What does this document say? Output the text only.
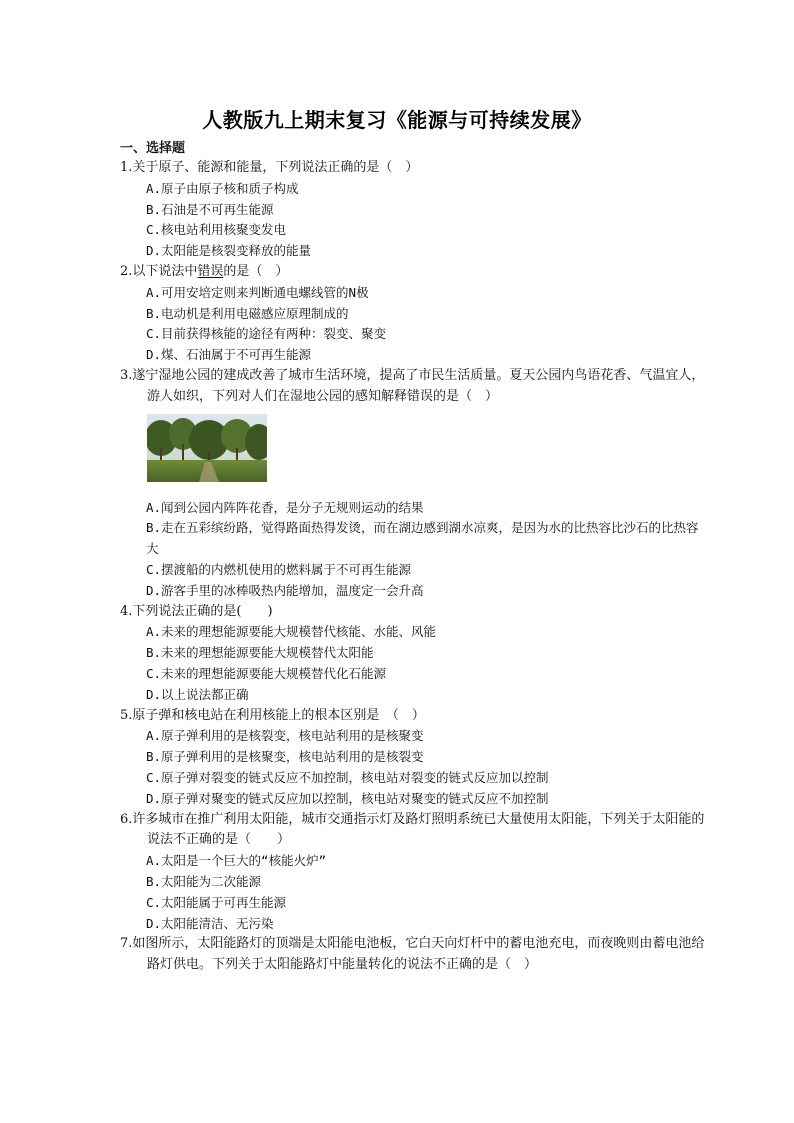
人教版九上期末复习《能源与可持续发展》
一、选择题
1.关于原子、能源和能量，下列说法正确的是（　）
A.原子由原子核和质子构成
B.石油是不可再生能源
C.核电站利用核聚变发电
D.太阳能是核裂变释放的能量
2.以下说法中错误的是（　）
A.可用安培定则来判断通电螺线管的N极
B.电动机是利用电磁感应原理制成的
C.目前获得核能的途径有两种：裂变、聚变
D.煤、石油属于不可再生能源
3.遂宁湿地公园的建成改善了城市生活环境，提高了市民生活质量。夏天公园内鸟语花香、气温宜人，游人如织，下列对人们在湿地公园的感知解释错误的是（　）
A.闻到公园内阵阵花香，是分子无规则运动的结果
B.走在五彩缤纷路，觉得路面热得发烫，而在湖边感到湖水凉爽，是因为水的比热容比沙石的比热容大
C.摆渡船的内燃机使用的燃料属于不可再生能源
D.游客手里的冰棒吸热内能增加，温度定一会升高
4.下列说法正确的是(　　)
A.未来的理想能源要能大规模替代核能、水能、风能
B.未来的理想能源要能大规模替代太阳能
C.未来的理想能源要能大规模替代化石能源
D.以上说法都正确
5.原子弹和核电站在利用核能上的根本区别是　（　）
A.原子弹利用的是核裂变，核电站利用的是核聚变
B.原子弹利用的是核聚变，核电站利用的是核裂变
C.原子弹对裂变的链式反应不加控制，核电站对裂变的链式反应加以控制
D.原子弹对聚变的链式反应加以控制，核电站对聚变的链式反应不加控制
6.许多城市在推广利用太阳能，城市交通指示灯及路灯照明系统已大量使用太阳能，下列关于太阳能的说法不正确的是（　　）
A.太阳是一个巨大的“核能火炉”
B.太阳能为二次能源
C.太阳能属于可再生能源
D.太阳能清洁、无污染
7.如图所示，太阳能路灯的顶端是太阳能电池板，它白天向灯杆中的蓄电池充电，而夜晚则由蓄电池给路灯供电。下列关于太阳能路灯中能量转化的说法不正确的是（　）
